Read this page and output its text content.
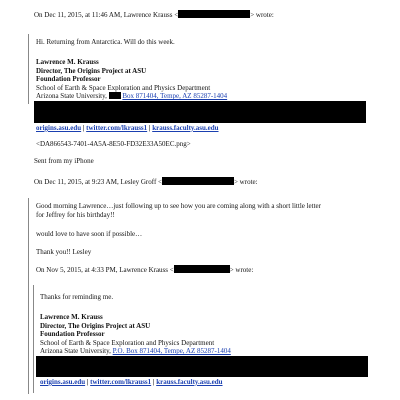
On Dec 11, 2015, at 11:46 AM, Lawrence Krauss <	> wrote:
Hi. Returning from Antarctica. Will do this week.
Lawrence M. Krauss
Director, The Origins Project at ASU
Foundation Professor
School of Earth & Space Exploration and Physics Department
Arizona State University, Box 871404, Tempe, AZ 85287-1404
origins.asu.edu | twitter.com/lkrauss1 | krauss.faculty.asu.edu
<DA866543-7401-4A5A-8E50-FD32E33A50EC.png>
Sent from my iPhone
On Dec 11, 2015, at 9:23 AM, Lesley Groff <	> wrote:
Good morning Lawrence…just following up to see how you are coming along with a short little letter
for Jeffrey for his birthday!!
would love to have soon if possible…
Thank you!! Lesley
On Nov 5, 2015, at 4:33 PM, Lawrence Krauss <	> wrote:
Thanks for reminding me.
Lawrence M. Krauss
Director, The Origins Project at ASU
Foundation Professor
School of Earth & Space Exploration and Physics Department
Arizona State University, P.O. Box 871404, Tempe, AZ 85287-1404
origins.asu.edu | twitter.com/lkrauss1 | krauss.faculty.asu.edu
